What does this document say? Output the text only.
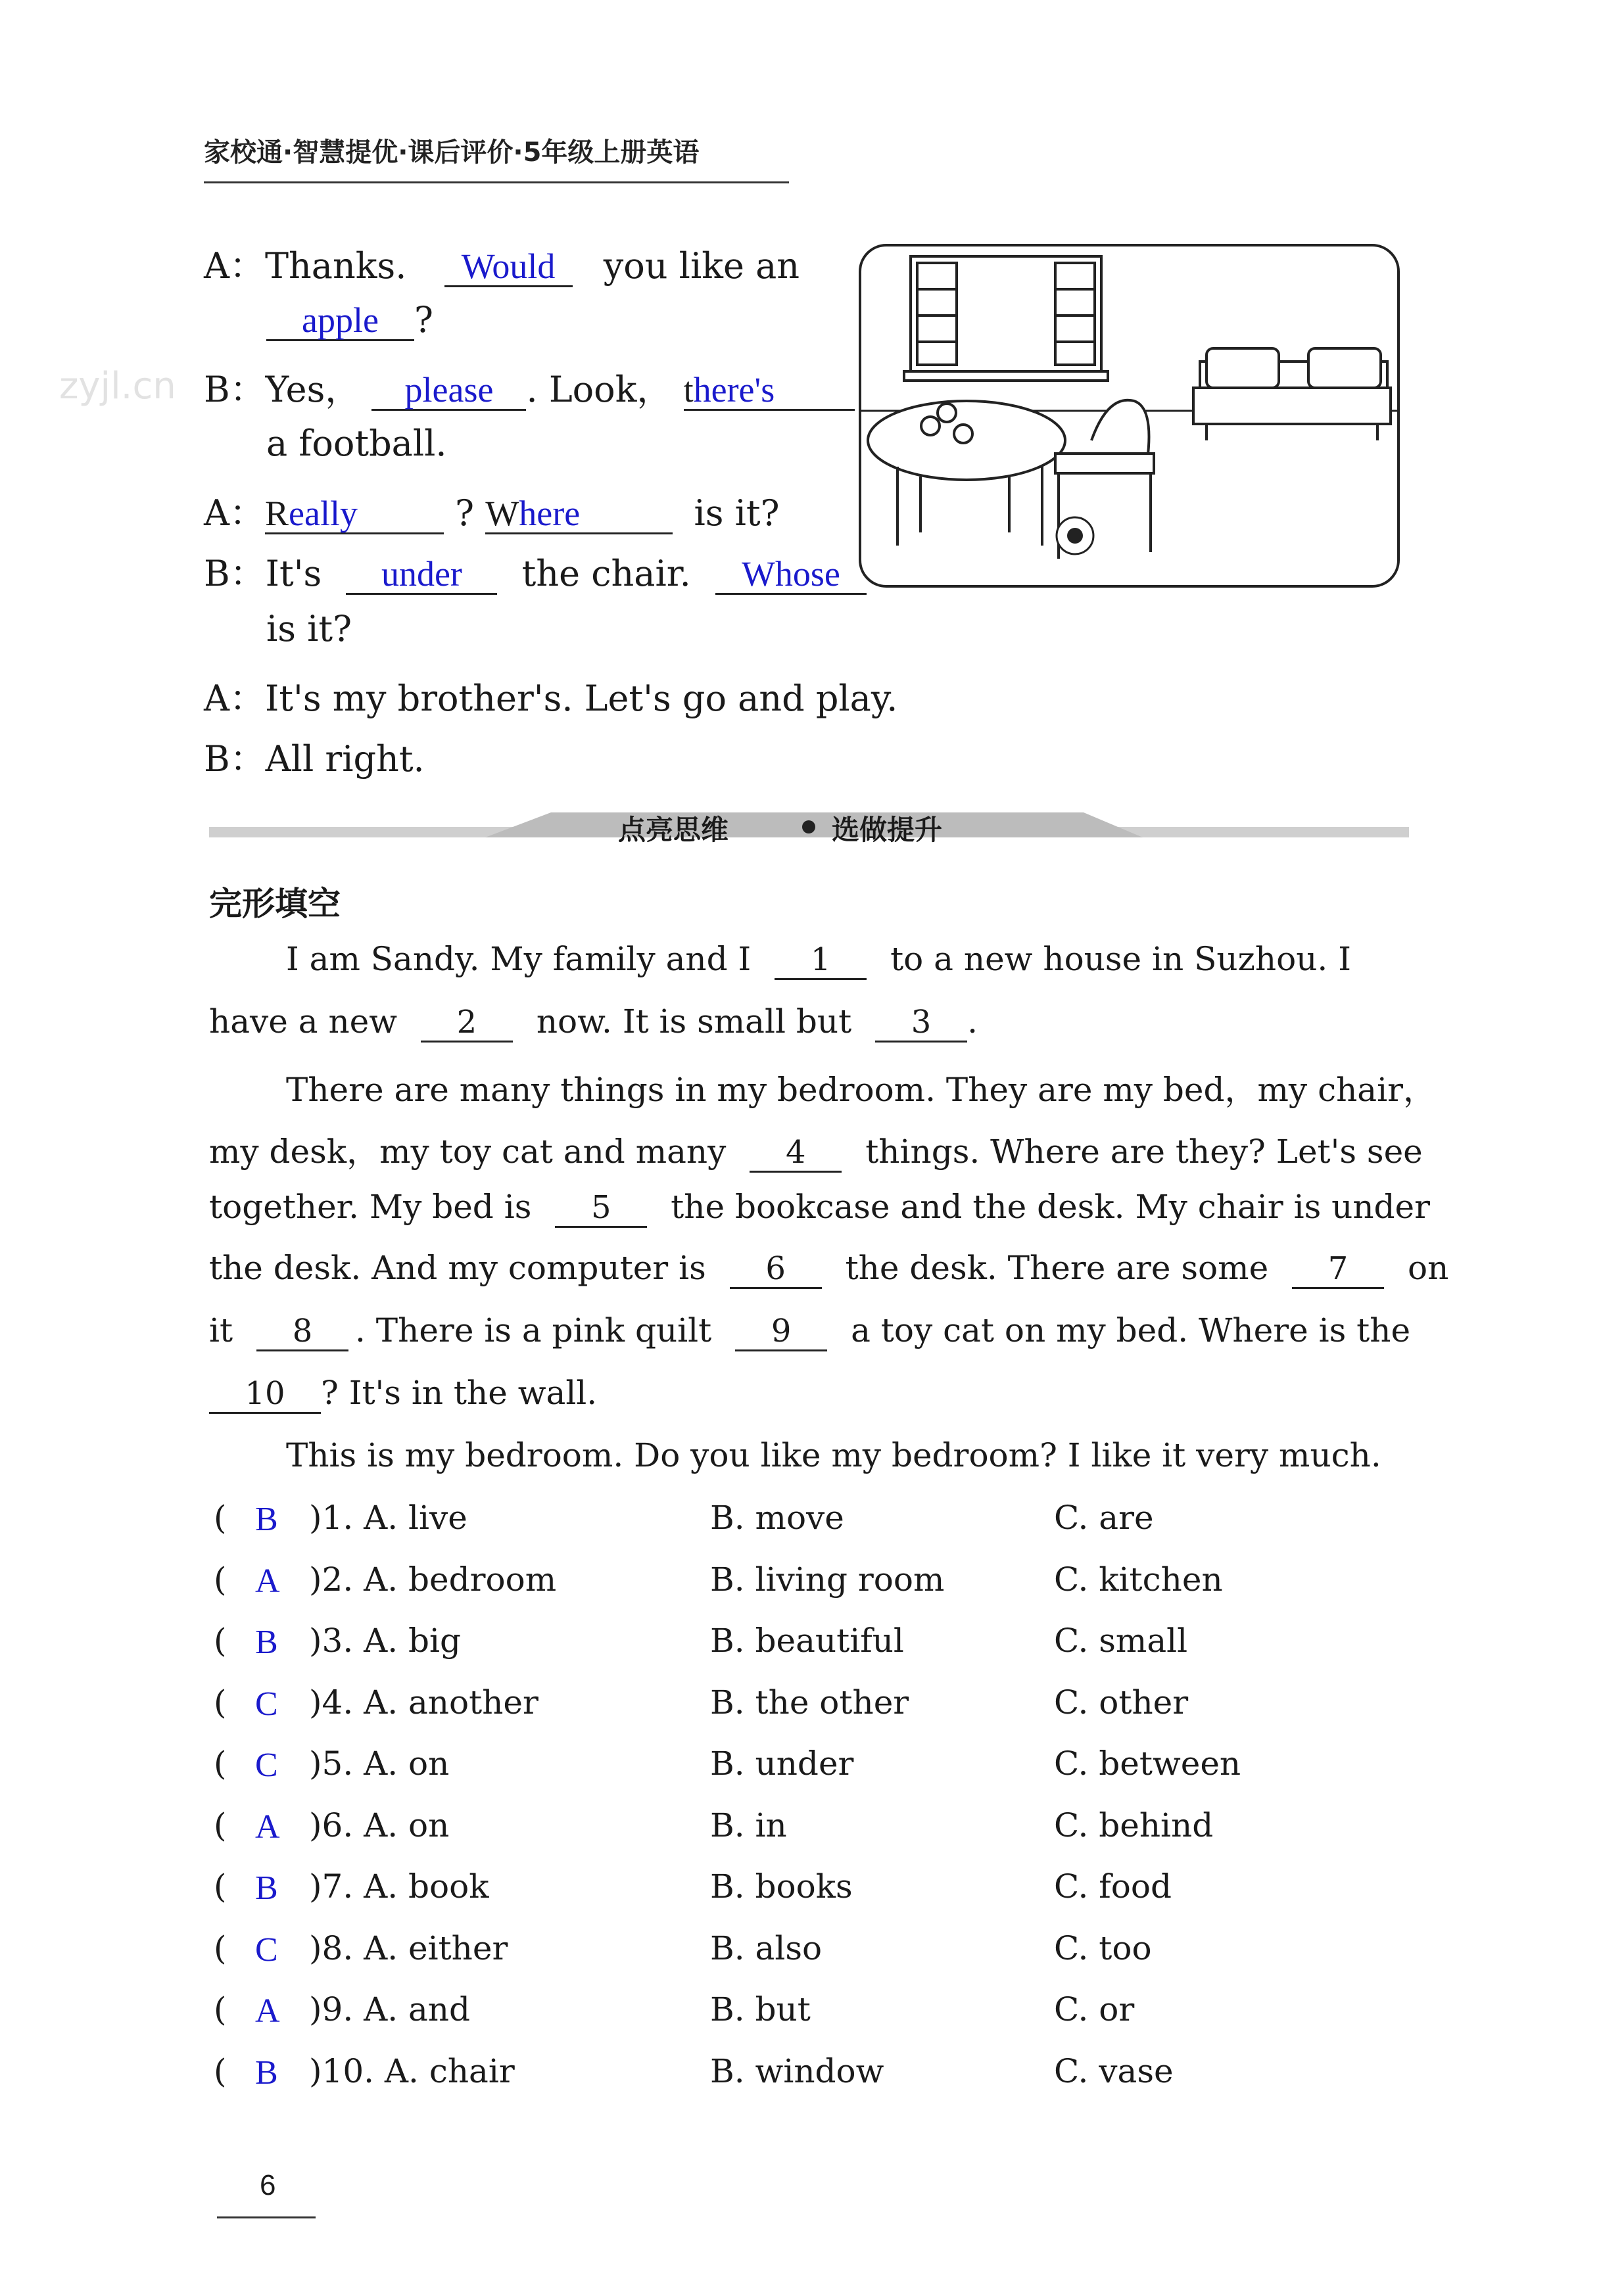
家校通·智慧提优·课后评价·5年级上册英语
zyjl.cn
A：Thanks. Would you like an
apple ?
B：Yes， please . Look， there's
a football.
A：Really	? Where	is it?
B：It's under the chair. Whose
is it?
A：It's my brother's. Let's go and play.
B：All right.
点亮思维	选做提升
完形填空
I am Sandy. My family and I 1 to a new house in Suzhou. I
have a new 2 now. It is small but 3 .
There are many things in my bedroom. They are my bed，my chair，
my desk，my toy cat and many 4 things. Where are they? Let's see
together. My bed is 5 the bookcase and the desk. My chair is under
the desk. And my computer is 6 the desk. There are some 7 on
it 8 . There is a pink quilt 9 a toy cat on my bed. Where is the
10 ? It's in the wall.
This is my bedroom. Do you like my bedroom? I like it very much.
( B )1. A. live	B. move	C. are
( A )2. A. bedroom	B. living room	C. kitchen
( B )3. A. big	B. beautiful	C. small
( C )4. A. another	B. the other	C. other
( C )5. A. on	B. under	C. between
( A )6. A. on	B. in	C. behind
( B )7. A. book	B. books	C. food
( C )8. A. either	B. also	C. too
( A )9. A. and	B. but	C. or
( B )10. A. chair	B. window	C. vase
6
